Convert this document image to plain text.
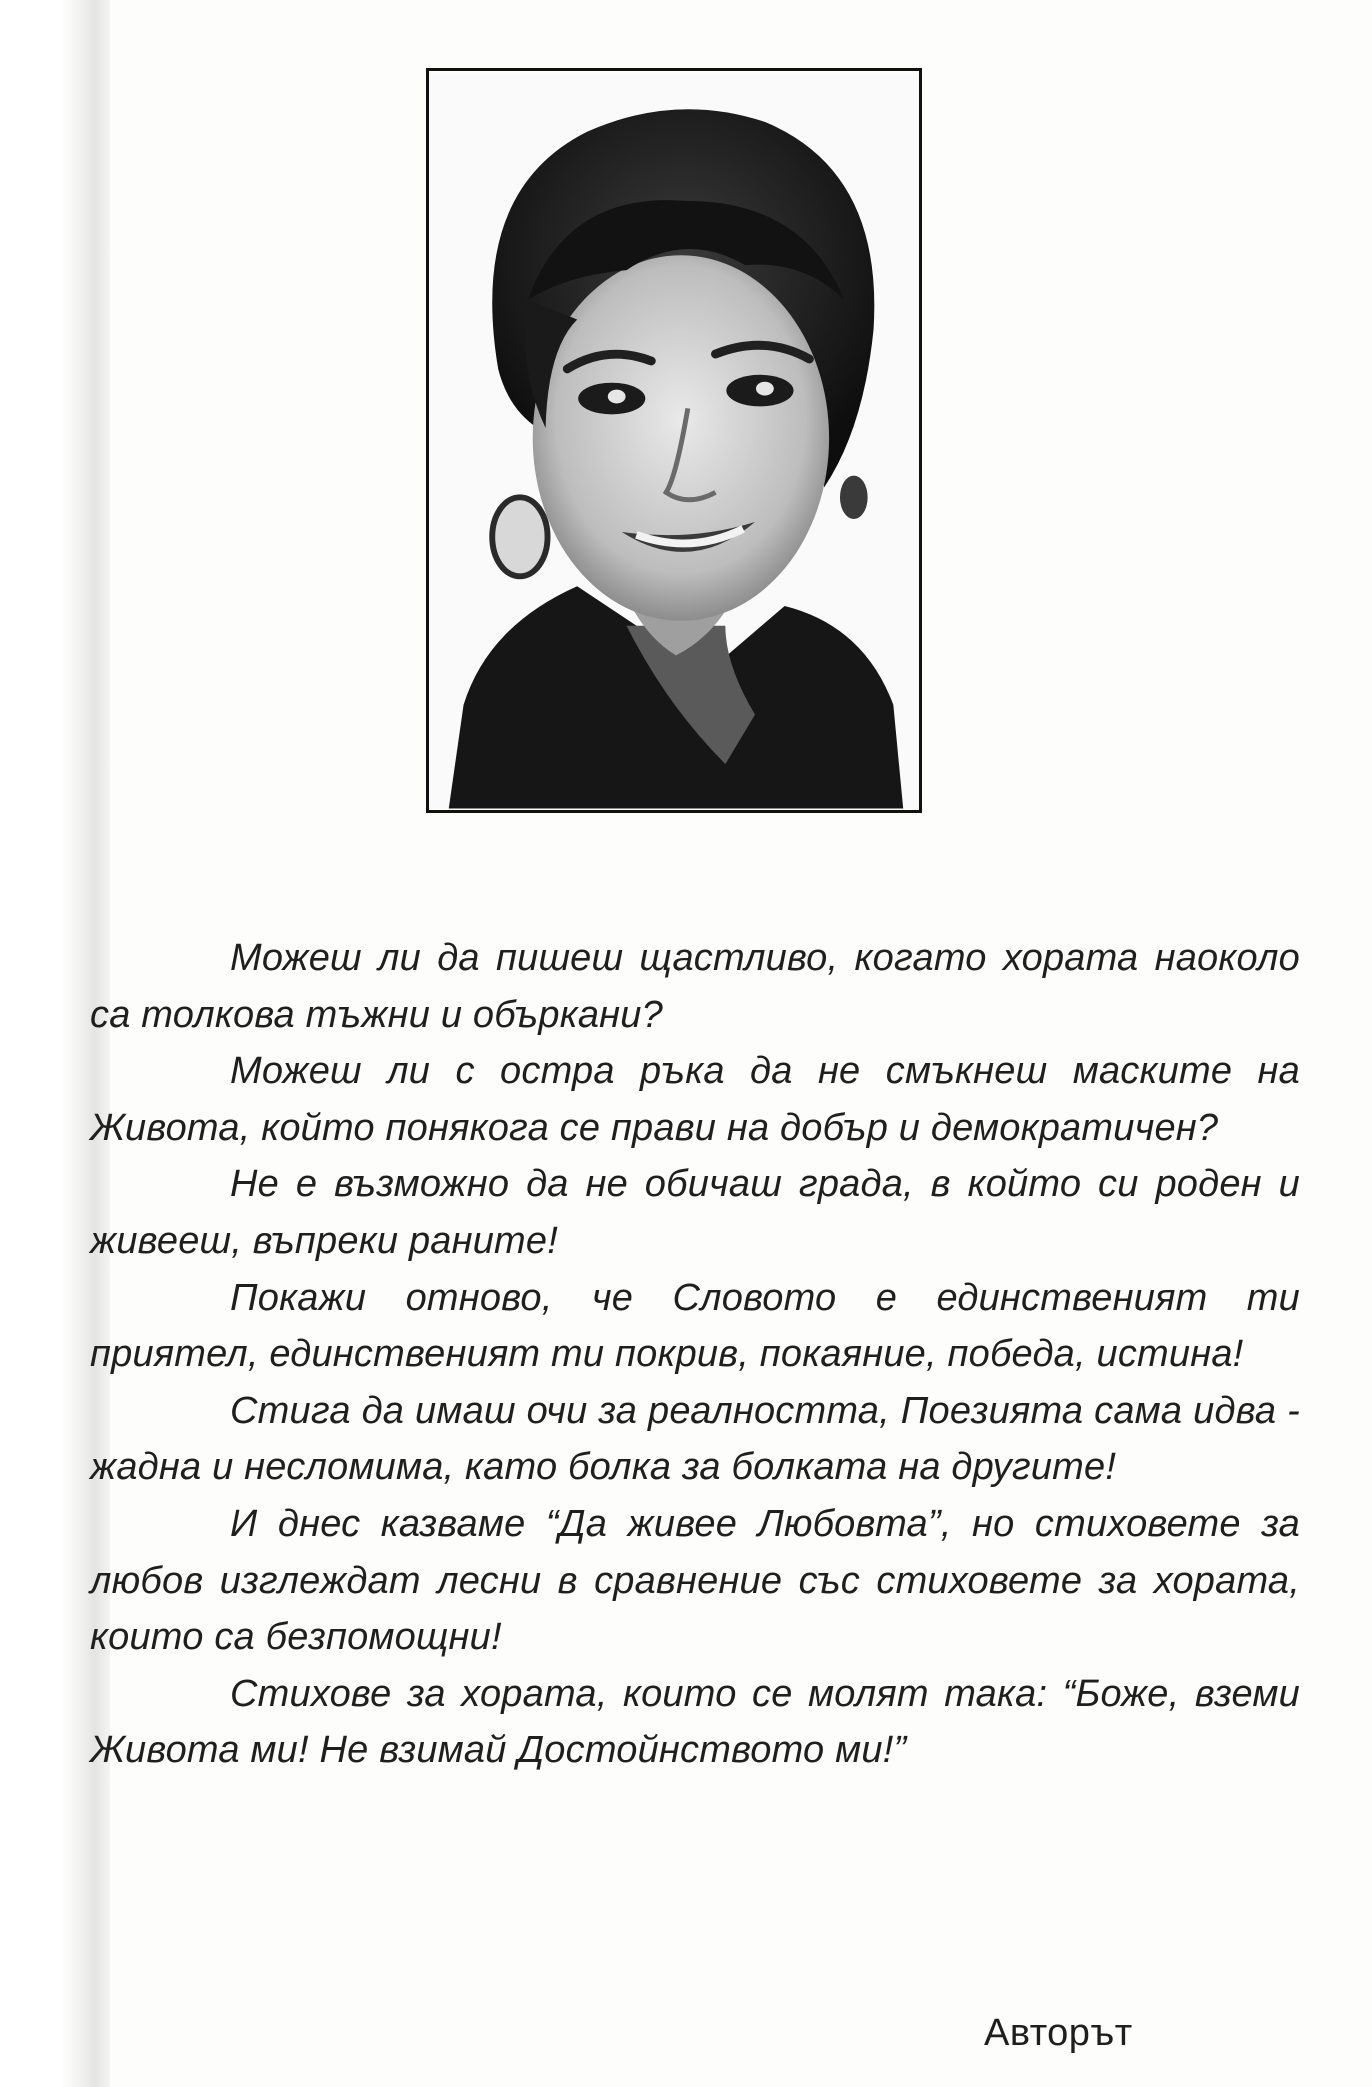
Можеш ли да пишеш щастливо, когато хората наоколо са толкова тъжни и объркани?

Можеш ли с остра ръка да не смъкнеш маските на Живота, който понякога се прави на добър и демократичен?

Не е възможно да не обичаш града, в който си роден и живееш, въпреки раните!

Покажи отново, че Словото е единственият ти приятел, единственият ти покрив, покаяние, победа, истина!

Стига да имаш очи за реалността, Поезията сама идва - жадна и несломима, като болка за болката на другите!

И днес казваме “Да живее Любовта”, но стиховете за любов изглеждат лесни в сравнение със стиховете за хората, които са безпомощни!

Стихове за хората, които се молят така: “Боже, вземи Живота ми! Не взимай Достойнството ми!”

Авторът
